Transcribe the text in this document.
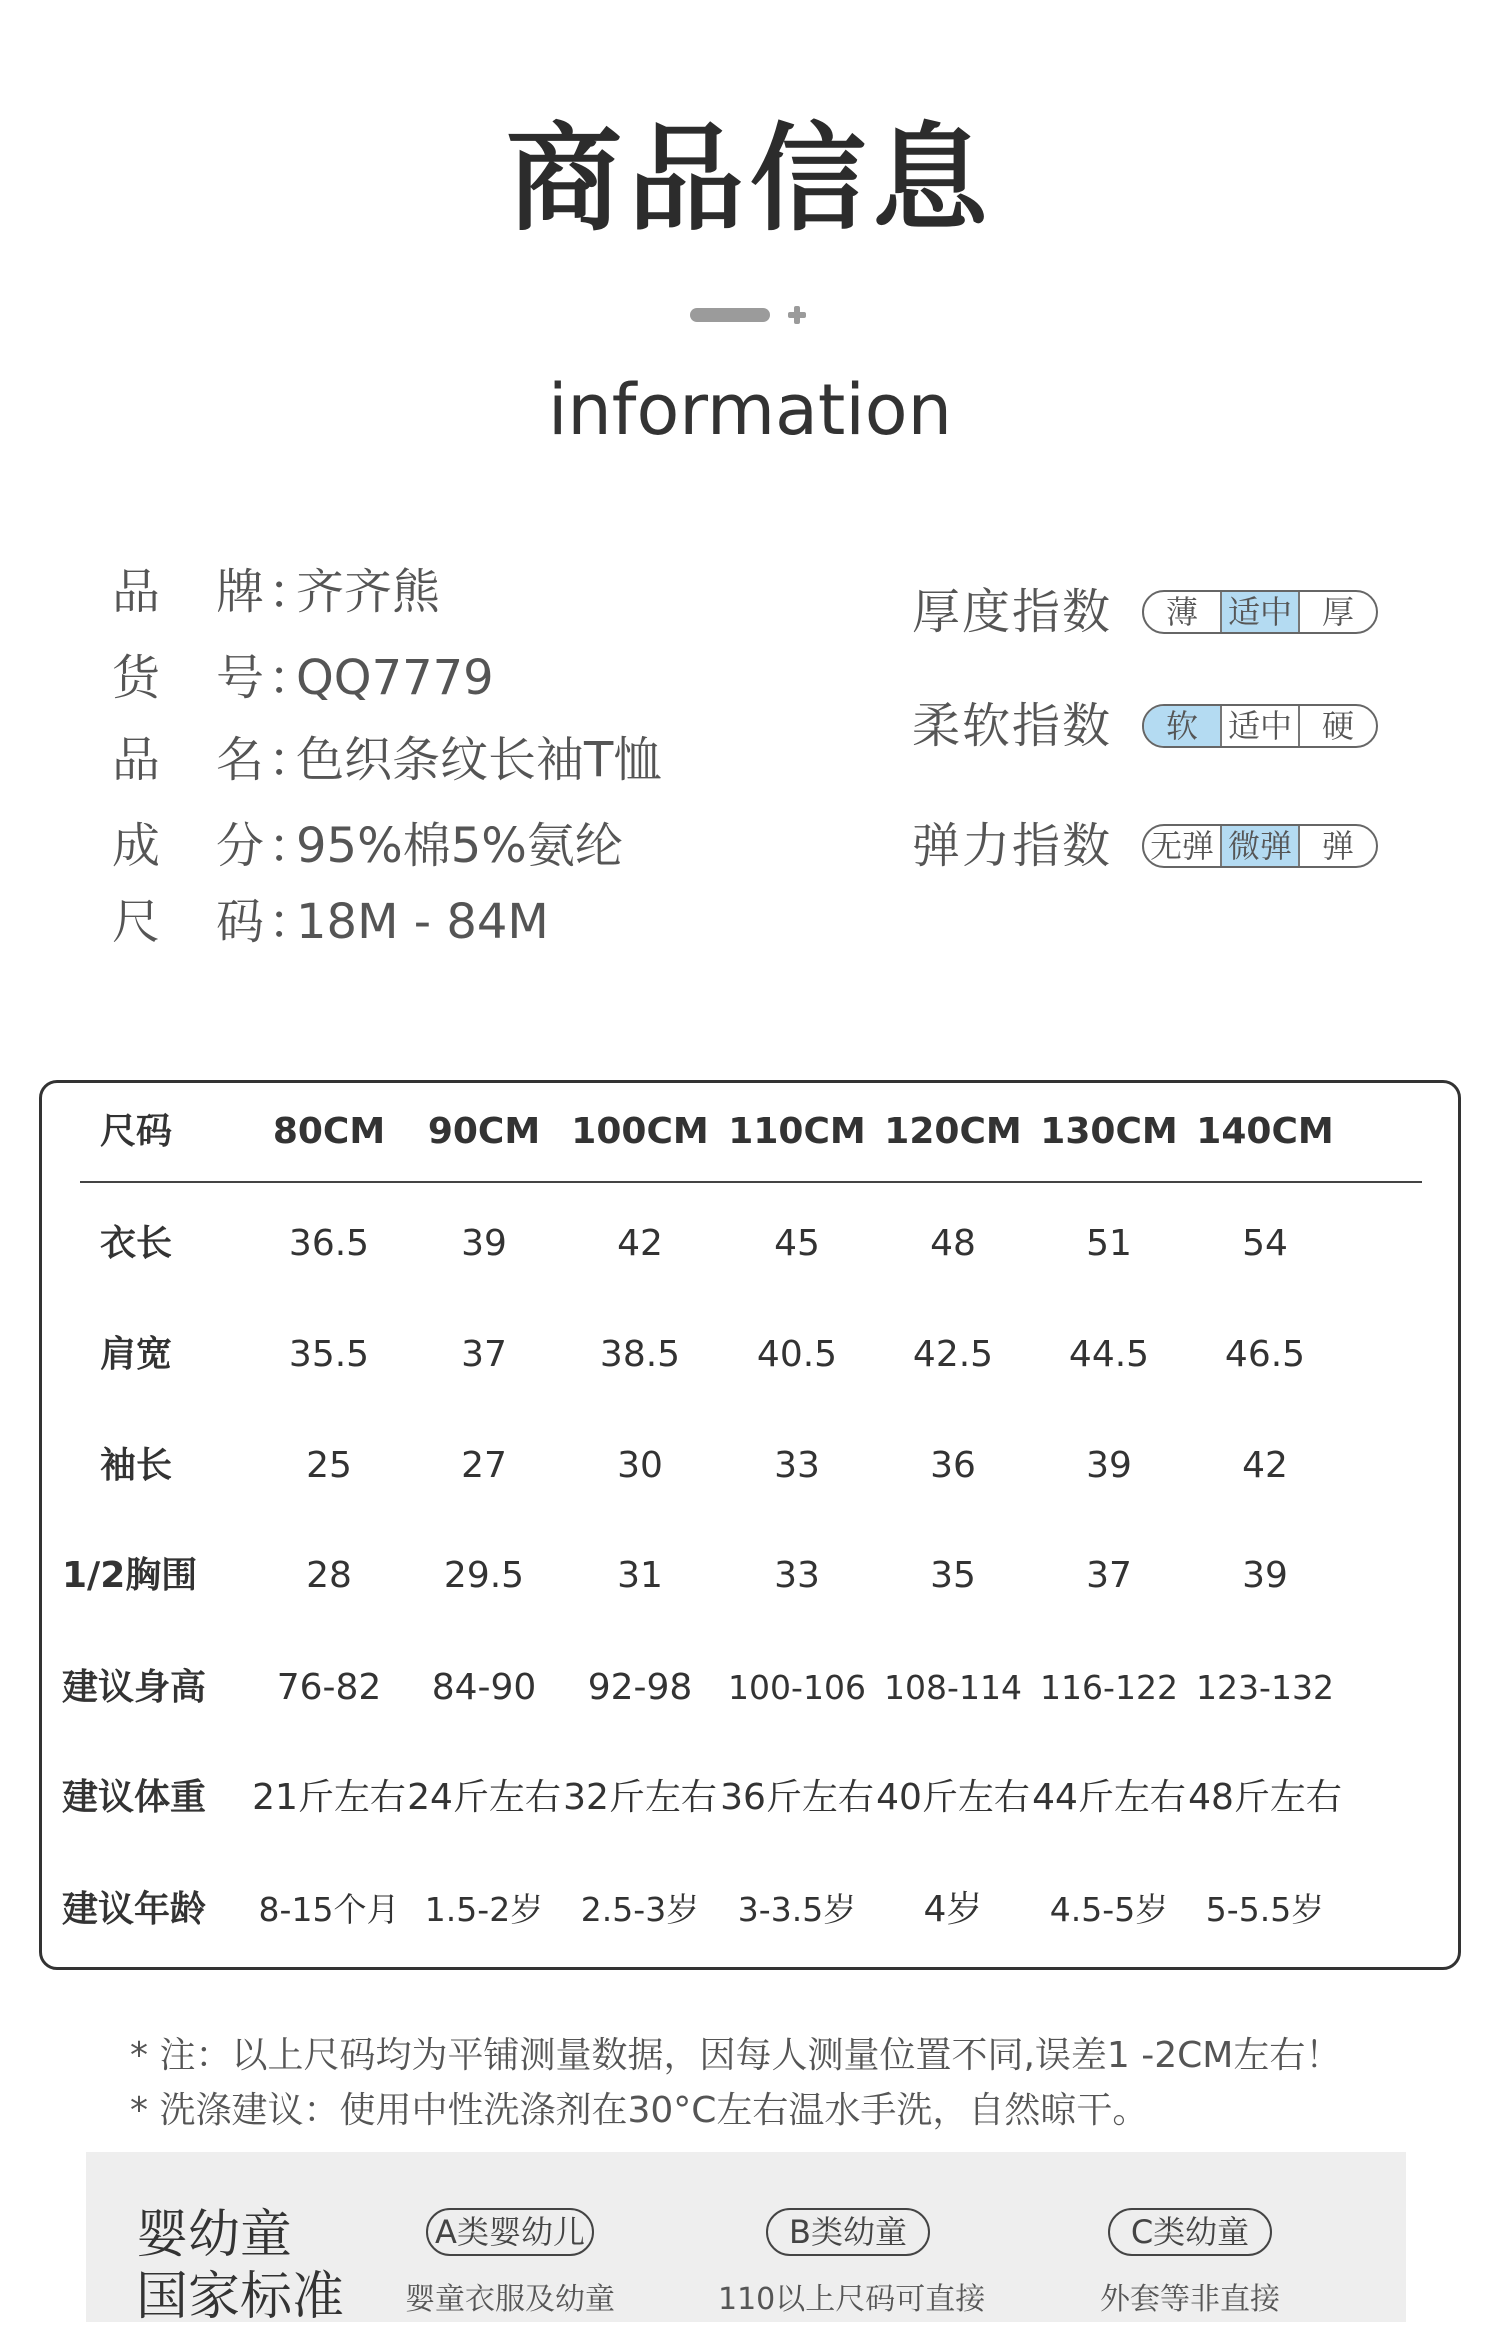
商品信息
information
品　牌：齐齐熊
货　号：QQ7779
品　名：色织条纹长袖T恤
成　分：95%棉5%氨纶
尺　码：18M - 84M
厚度指数	薄 适中 厚
柔软指数	软 适中 硬
弹力指数 无弹 微弹 弹
尺码	80CM 90CM 100CM 110CM 120CM 130CM 140CM
衣长	36.5	39	42	45	48	51	54
肩宽	35.5	37	38.5 40.5 42.5 44.5 46.5
袖长	25	27	30	33	36	39	42
1/2胸围	28	29.5	31	33	35	37	39
建议身高 76-82 84-90 92-98 100-106 108-114 116-122 123-132
建议体重 21斤左右 24斤左右 32斤左右 36斤左右 40斤左右 44斤左右 48斤左右
建议年龄 8-15个月 1.5-2岁 2.5-3岁 3-3.5岁 4岁 4.5-5岁 5-5.5岁
* 注：以上尺码均为平铺测量数据，因每人测量位置不同,误差1 -2CM左右！
* 洗涤建议：使用中性洗涤剂在30°C左右温水手洗，自然晾干。
婴幼童
国家标准
A类婴幼儿
婴童衣服及幼童
B类幼童
110以上尺码可直接
C类幼童
外套等非直接
